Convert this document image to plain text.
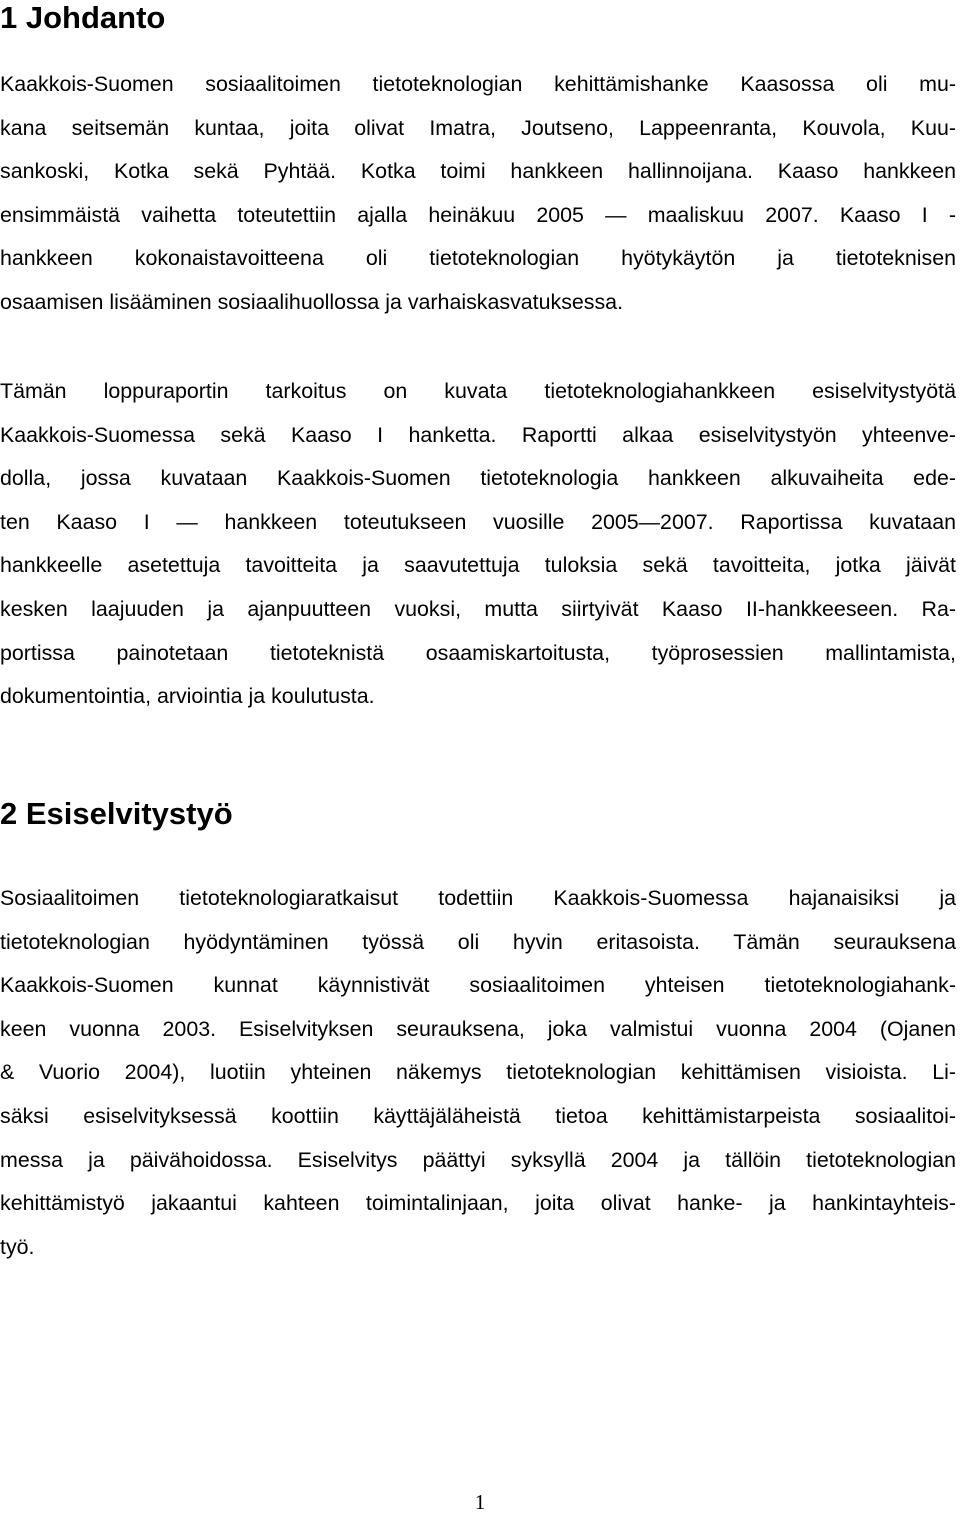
1 Johdanto
Kaakkois-Suomen sosiaalitoimen tietoteknologian kehittämishanke Kaasossa oli mu-
kana seitsemän kuntaa, joita olivat Imatra, Joutseno, Lappeenranta, Kouvola, Kuu-
sankoski, Kotka sekä Pyhtää. Kotka toimi hankkeen hallinnoijana. Kaaso hankkeen
ensimmäistä vaihetta toteutettiin ajalla heinäkuu 2005 — maaliskuu 2007. Kaaso I -
hankkeen kokonaistavoitteena oli tietoteknologian hyötykäytön ja tietoteknisen
osaamisen lisääminen sosiaalihuollossa ja varhaiskasvatuksessa.
Tämän loppuraportin tarkoitus on kuvata tietoteknologiahankkeen esiselvitystyötä
Kaakkois-Suomessa sekä Kaaso I hanketta. Raportti alkaa esiselvitystyön yhteenve-
dolla, jossa kuvataan Kaakkois-Suomen tietoteknologia hankkeen alkuvaiheita ede-
ten Kaaso I — hankkeen toteutukseen vuosille 2005—2007. Raportissa kuvataan
hankkeelle asetettuja tavoitteita ja saavutettuja tuloksia sekä tavoitteita, jotka jäivät
kesken laajuuden ja ajanpuutteen vuoksi, mutta siirtyivät Kaaso II-hankkeeseen. Ra-
portissa painotetaan tietoteknistä osaamiskartoitusta, työprosessien mallintamista,
dokumentointia, arviointia ja koulutusta.
2 Esiselvitystyö
Sosiaalitoimen tietoteknologiaratkaisut todettiin Kaakkois-Suomessa hajanaisiksi ja
tietoteknologian hyödyntäminen työssä oli hyvin eritasoista. Tämän seurauksena
Kaakkois-Suomen kunnat käynnistivät sosiaalitoimen yhteisen tietoteknologiahank-
keen vuonna 2003. Esiselvityksen seurauksena, joka valmistui vuonna 2004 (Ojanen
& Vuorio 2004), luotiin yhteinen näkemys tietoteknologian kehittämisen visioista. Li-
säksi esiselvityksessä koottiin käyttäjäläheistä tietoa kehittämistarpeista sosiaalitoi-
messa ja päivähoidossa. Esiselvitys päättyi syksyllä 2004 ja tällöin tietoteknologian
kehittämistyö jakaantui kahteen toimintalinjaan, joita olivat hanke- ja hankintayhteis-
työ.
1
